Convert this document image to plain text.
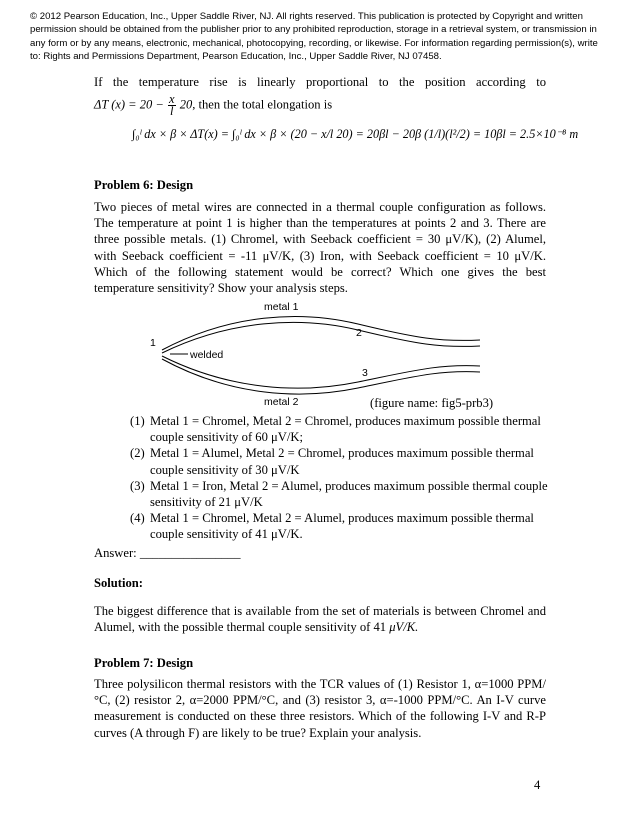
© 2012 Pearson Education, Inc., Upper Saddle River, NJ. All rights reserved. This publication is protected by Copyright and written permission should be obtained from the publisher prior to any prohibited reproduction, storage in a retrieval system, or transmission in any form or by any means, electronic, mechanical, photocopying, recording, or likewise. For information regarding permission(s), write to: Rights and Permissions Department, Pearson Education, Inc., Upper Saddle River, NJ 07458.
If the temperature rise is linearly proportional to the position according to
ΔT $(x) = 20 - \frac{x}{l} 20$, then the total elongation is
∫₀ˡ dx × β × ΔT(x) = ∫₀ˡ dx × β × (20 − x/l 20) = 20βl − 20β (1/l)(l²/2) = 10βl = 2.5×10⁻⁸ m
Problem 6: Design
Two pieces of metal wires are connected in a thermal couple configuration as follows. The temperature at point 1 is higher than the temperatures at points 2 and 3. There are three possible metals. (1) Chromel, with Seeback coefficient = 30 μV/K), (2) Alumel, with Seeback coefficient = -11 μV/K, (3) Iron, with Seeback coefficient = 10 μV/K. Which of the following statement would be correct? Which one gives the best temperature sensitivity? Show your analysis steps.
metal 1
1
welded
2
3
metal 2	(figure name: fig5-prb3)
(1) Metal 1 = Chromel, Metal 2 = Chromel, produces maximum possible thermal couple sensitivity of 60 μV/K;
(2) Metal 1 = Alumel, Metal 2 = Chromel, produces maximum possible thermal couple sensitivity of 30 μV/K
(3) Metal 1 = Iron, Metal 2 = Alumel, produces maximum possible thermal couple sensitivity of 21 μV/K
(4) Metal 1 = Chromel, Metal 2 = Alumel, produces maximum possible thermal couple sensitivity of 41 μV/K.
Answer: ________________
Solution:
The biggest difference that is available from the set of materials is between Chromel and Alumel, with the possible thermal couple sensitivity of 41 μV/K.
Problem 7: Design
Three polysilicon thermal resistors with the TCR values of (1) Resistor 1, α=1000 PPM/°C, (2) resistor 2, α=2000 PPM/°C, and (3) resistor 3, α=-1000 PPM/°C. An I-V curve measurement is conducted on these three resistors. Which of the following I-V and R-P curves (A through F) are likely to be true? Explain your analysis.
4
